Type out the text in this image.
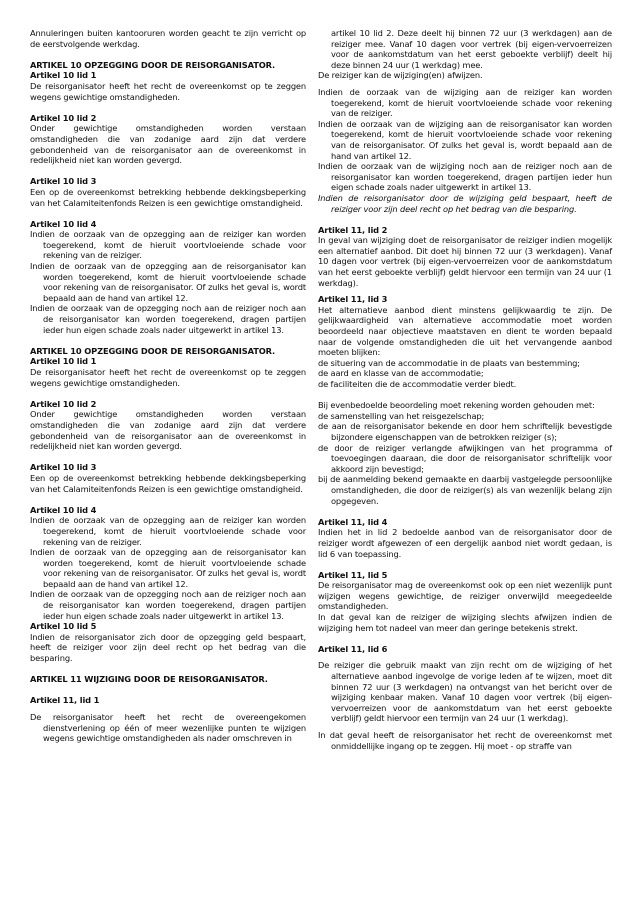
Annuleringen buiten kantooruren worden geacht te zijn verricht op de eerstvolgende werkdag.

ARTIKEL 10 OPZEGGING DOOR DE REISORGANISATOR.

Artikel 10 lid 1

De reisorganisator heeft het recht de overeenkomst op te zeggen wegens gewichtige omstandigheden.

Artikel 10 lid 2

Onder gewichtige omstandigheden worden verstaan omstandigheden die van zodanige aard zijn dat verdere gebondenheid van de reisorganisator aan de overeenkomst in redelijkheid niet kan worden gevergd.

Artikel 10 lid 3

Een op de overeenkomst betrekking hebbende dekkingsbeperking van het Calamiteitenfonds Reizen is een gewichtige omstandigheid.

Artikel 10 lid 4

Indien de oorzaak van de opzegging aan de reiziger kan worden toegerekend, komt de hieruit voortvloeiende schade voor rekening van de reiziger.

Indien de oorzaak van de opzegging aan de reisorganisator kan worden toegerekend, komt de hieruit voortvloeiende schade voor rekening van de reisorganisator. Of zulks het geval is, wordt bepaald aan de hand van artikel 12.

Indien de oorzaak van de opzegging noch aan de reiziger noch aan de reisorganisator kan worden toegerekend, dragen partijen ieder hun eigen schade zoals nader uitgewerkt in artikel 13.

ARTIKEL 10 OPZEGGING DOOR DE REISORGANISATOR.

Artikel 10 lid 1

De reisorganisator heeft het recht de overeenkomst op te zeggen wegens gewichtige omstandigheden.

Artikel 10 lid 2

Onder gewichtige omstandigheden worden verstaan omstandigheden die van zodanige aard zijn dat verdere gebondenheid van de reisorganisator aan de overeenkomst in redelijkheid niet kan worden gevergd.

Artikel 10 lid 3

Een op de overeenkomst betrekking hebbende dekkingsbeperking van het Calamiteitenfonds Reizen is een gewichtige omstandigheid.

Artikel 10 lid 4

Indien de oorzaak van de opzegging aan de reiziger kan worden toegerekend, komt de hieruit voortvloeiende schade voor rekening van de reiziger.

Indien de oorzaak van de opzegging aan de reisorganisator kan worden toegerekend, komt de hieruit voortvloeiende schade voor rekening van de reisorganisator. Of zulks het geval is, wordt bepaald aan de hand van artikel 12.

Indien de oorzaak van de opzegging noch aan de reiziger noch aan de reisorganisator kan worden toegerekend, dragen partijen ieder hun eigen schade zoals nader uitgewerkt in artikel 13.

Artikel 10 lid 5

Indien de reisorganisator zich door de opzegging geld bespaart, heeft de reiziger voor zijn deel recht op het bedrag van die besparing.

ARTIKEL 11 WIJZIGING DOOR DE REISORGANISATOR.

Artikel 11, lid 1

De reisorganisator heeft het recht de overeengekomen dienstverlening op één of meer wezenlijke punten te wijzigen wegens gewichtige omstandigheden als nader omschreven in

artikel 10 lid 2. Deze deelt hij binnen 72 uur (3 werkdagen) aan de reiziger mee. Vanaf 10 dagen voor vertrek (bij eigen-vervoerreizen voor de aankomstdatum van het eerst geboekte verblijf) deelt hij deze binnen 24 uur (1 werkdag) mee.

De reiziger kan de wijziging(en) afwijzen.

Indien de oorzaak van de wijziging aan de reiziger kan worden toegerekend, komt de hieruit voortvloeiende schade voor rekening van de reiziger.

Indien de oorzaak van de wijziging aan de reisorganisator kan worden toegerekend, komt de hieruit voortvloeiende schade voor rekening van de reisorganisator. Of zulks het geval is, wordt bepaald aan de hand van artikel 12.

Indien de oorzaak van de wijziging noch aan de reiziger noch aan de reisorganisator kan worden toegerekend, dragen partijen ieder hun eigen schade zoals nader uitgewerkt in artikel 13.

Indien de reisorganisator door de wijziging geld bespaart, heeft de reiziger voor zijn deel recht op het bedrag van die besparing.

Artikel 11, lid 2

In geval van wijziging doet de reisorganisator de reiziger indien mogelijk een alternatief aanbod. Dit doet hij binnen 72 uur (3 werkdagen). Vanaf 10 dagen voor vertrek (bij eigen-vervoerreizen voor de aankomstdatum van het eerst geboekte verblijf) geldt hiervoor een termijn van 24 uur (1 werkdag).

Artikel 11, lid 3

Het alternatieve aanbod dient minstens gelijkwaardig te zijn. De gelijkwaardigheid van alternatieve accommodatie moet worden beoordeeld naar objectieve maatstaven en dient te worden bepaald naar de volgende omstandigheden die uit het vervangende aanbod moeten blijken:

de situering van de accommodatie in de plaats van bestemming;

de aard en klasse van de accommodatie;

de faciliteiten die de accommodatie verder biedt.

Bij evenbedoelde beoordeling moet rekening worden gehouden met:

de samenstelling van het reisgezelschap;

de aan de reisorganisator bekende en door hem schriftelijk bevestigde bijzondere eigenschappen van de betrokken reiziger (s);

de door de reiziger verlangde afwijkingen van het programma of toevoegingen daaraan, die door de reisorganisator schriftelijk voor akkoord zijn bevestigd;

bij de aanmelding bekend gemaakte en daarbij vastgelegde persoonlijke omstandigheden, die door de reiziger(s) als van wezenlijk belang zijn opgegeven.

Artikel 11, lid 4

Indien het in lid 2 bedoelde aanbod van de reisorganisator door de reiziger wordt afgewezen of een dergelijk aanbod niet wordt gedaan, is lid 6 van toepassing.

Artikel 11, lid 5

De reisorganisator mag de overeenkomst ook op een niet wezenlijk punt wijzigen wegens gewichtige, de reiziger onverwijld meegedeelde omstandigheden.

In dat geval kan de reiziger de wijziging slechts afwijzen indien de wijziging hem tot nadeel van meer dan geringe betekenis strekt.

Artikel 11, lid 6

De reiziger die gebruik maakt van zijn recht om de wijziging of het alternatieve aanbod ingevolge de vorige leden af te wijzen, moet dit binnen 72 uur (3 werkdagen) na ontvangst van het bericht over de wijziging kenbaar maken. Vanaf 10 dagen voor vertrek (bij eigen-vervoerreizen voor de aankomstdatum van het eerst geboekte verblijf) geldt hiervoor een termijn van 24 uur (1 werkdag).

In dat geval heeft de reisorganisator het recht de overeenkomst met onmiddellijke ingang op te zeggen. Hij moet - op straffe van
